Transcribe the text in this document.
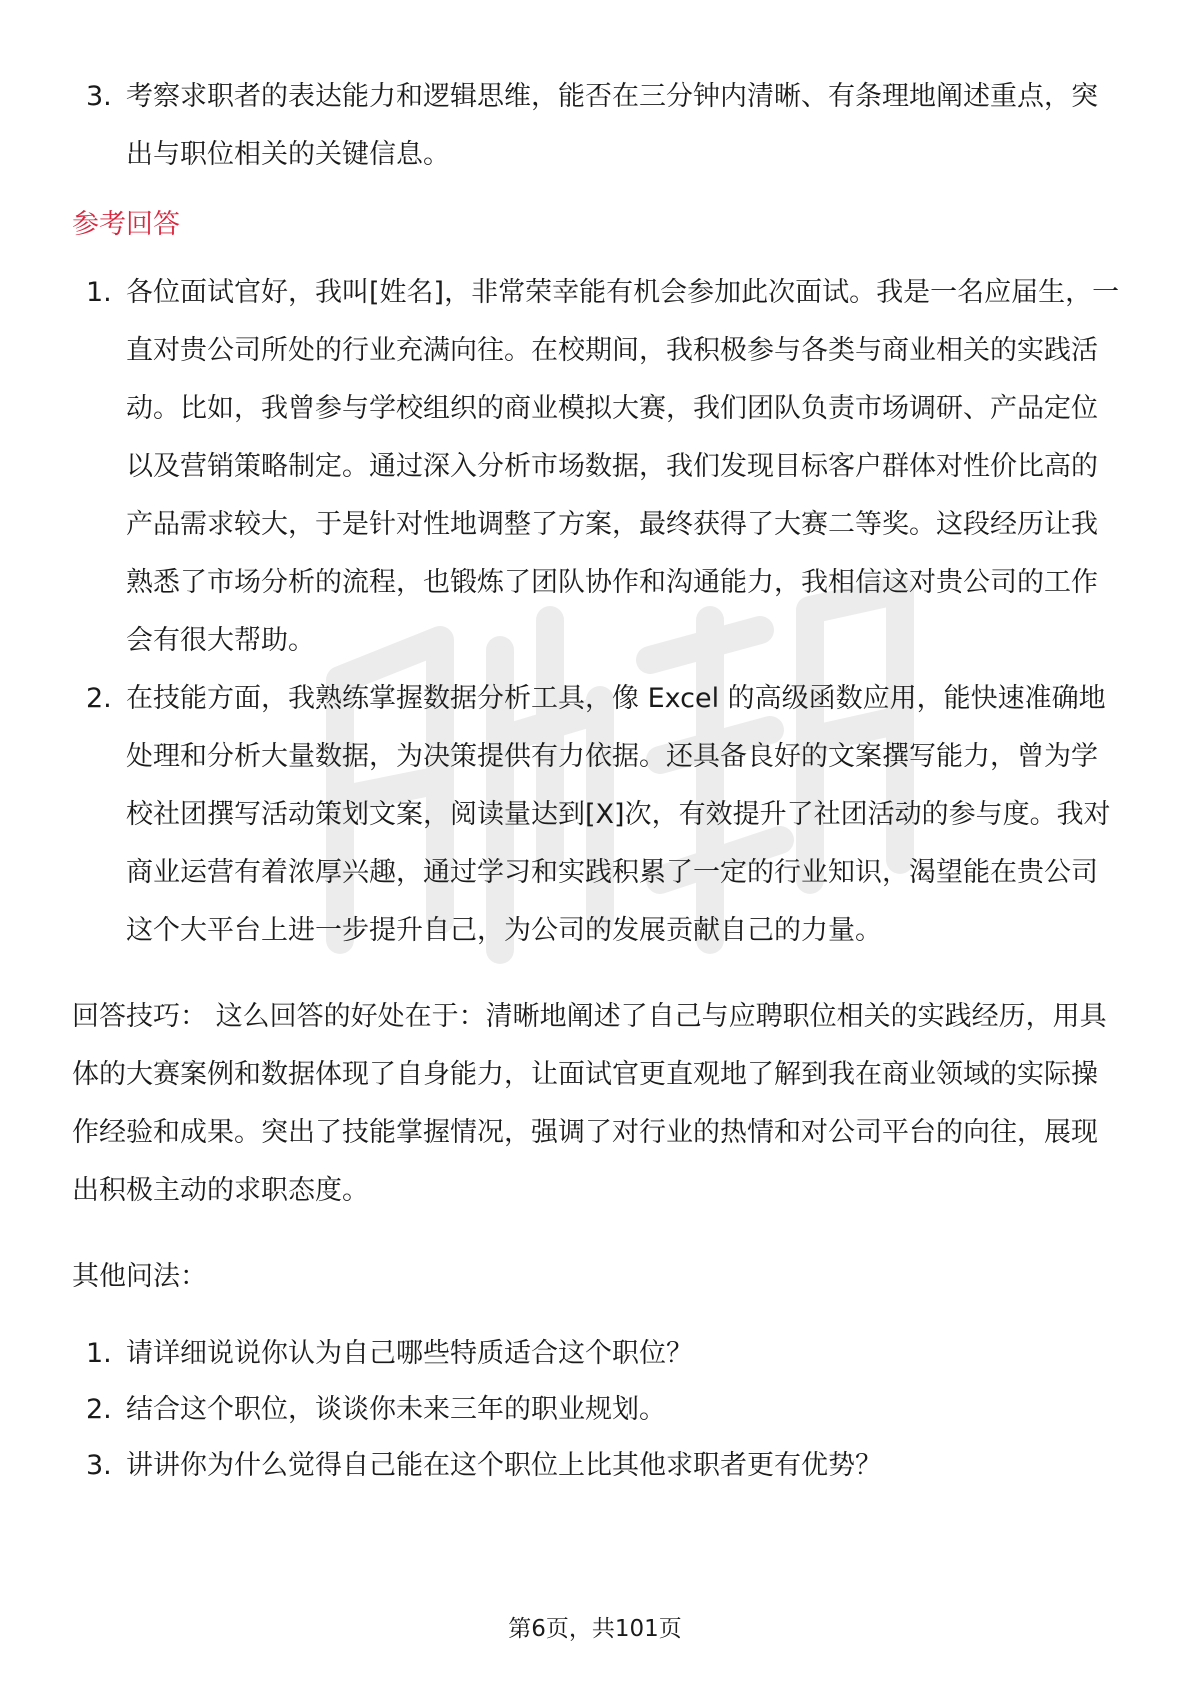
3. 考察求职者的表达能力和逻辑思维，能否在三分钟内清晰、有条理地阐述重点，突出与职位相关的关键信息。
参考回答
1. 各位面试官好，我叫[姓名]，非常荣幸能有机会参加此次面试。我是一名应届生，一直对贵公司所处的行业充满向往。在校期间，我积极参与各类与商业相关的实践活动。比如，我曾参与学校组织的商业模拟大赛，我们团队负责市场调研、产品定位以及营销策略制定。通过深入分析市场数据，我们发现目标客户群体对性价比高的产品需求较大，于是针对性地调整了方案，最终获得了大赛二等奖。这段经历让我熟悉了市场分析的流程，也锻炼了团队协作和沟通能力，我相信这对贵公司的工作会有很大帮助。
2. 在技能方面，我熟练掌握数据分析工具，像 Excel 的高级函数应用，能快速准确地处理和分析大量数据，为决策提供有力依据。还具备良好的文案撰写能力，曾为学校社团撰写活动策划文案，阅读量达到[X]次，有效提升了社团活动的参与度。我对商业运营有着浓厚兴趣，通过学习和实践积累了一定的行业知识，渴望能在贵公司这个大平台上进一步提升自己，为公司的发展贡献自己的力量。

回答技巧： 这么回答的好处在于：清晰地阐述了自己与应聘职位相关的实践经历，用具体的大赛案例和数据体现了自身能力，让面试官更直观地了解到我在商业领域的实际操作经验和成果。突出了技能掌握情况，强调了对行业的热情和对公司平台的向往，展现出积极主动的求职态度。

其他问法：
1. 请详细说说你认为自己哪些特质适合这个职位？
2. 结合这个职位，谈谈你未来三年的职业规划。
3. 讲讲你为什么觉得自己能在这个职位上比其他求职者更有优势？
第6页，共101页
